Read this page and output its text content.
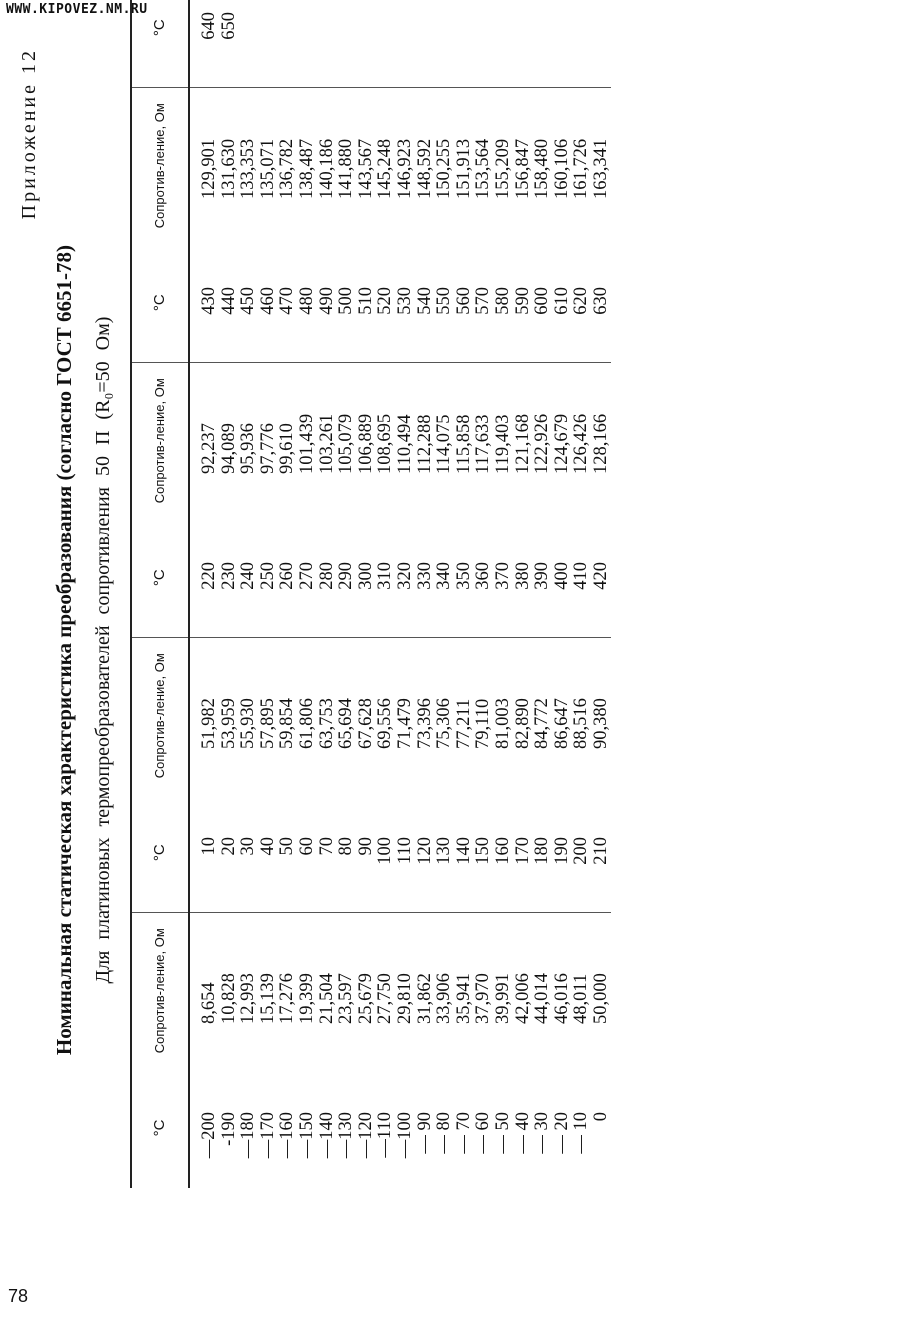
WWW.KIPOVEZ.NM.RU
78
Приложение 12
Номинальная статическая характеристика преобразования (согласно ГОСТ 6651-78) Для платиновых термопреобразователей сопротивления 50 П (R₀=50 Ом)
°C	Сопротив-ление, Ом	°C	Сопротив-ление, Ом	°C	Сопротив-ление, Ом	°C	Сопротив-ление, Ом	°C	
—200	8,654	10	51,982	220	92,237	430	129,901	640	
-190	10,828	20	53,959	230	94,089	440	131,630	650	
—180	12,993	30	55,930	240	95,936	450	133,353		
—170	15,139	40	57,895	250	97,776	460	135,071		
—160	17,276	50	59,854	260	99,610	470	136,782		
—150	19,399	60	61,806	270	101,439	480	138,487		
—140	21,504	70	63,753	280	103,261	490	140,186		
—130	23,597	80	65,694	290	105,079	500	141,880		
—120	25,679	90	67,628	300	106,889	510	143,567		
—110	27,750	100	69,556	310	108,695	520	145,248		
—100	29,810	110	71,479	320	110,494	530	146,923		
— 90	31,862	120	73,396	330	112,288	540	148,592		
— 80	33,906	130	75,306	340	114,075	550	150,255		
— 70	35,941	140	77,211	350	115,858	560	151,913		
— 60	37,970	150	79,110	360	117,633	570	153,564		
— 50	39,991	160	81,003	370	119,403	580	155,209		
— 40	42,006	170	82,890	380	121,168	590	156,847		
— 30	44,014	180	84,772	390	122,926	600	158,480		
— 20	46,016	190	86,647	400	124,679	610	160,106		
— 10	48,011	200	88,516	410	126,426	620	161,726		
0	50,000	210	90,380	420	128,166	630	163,341		
